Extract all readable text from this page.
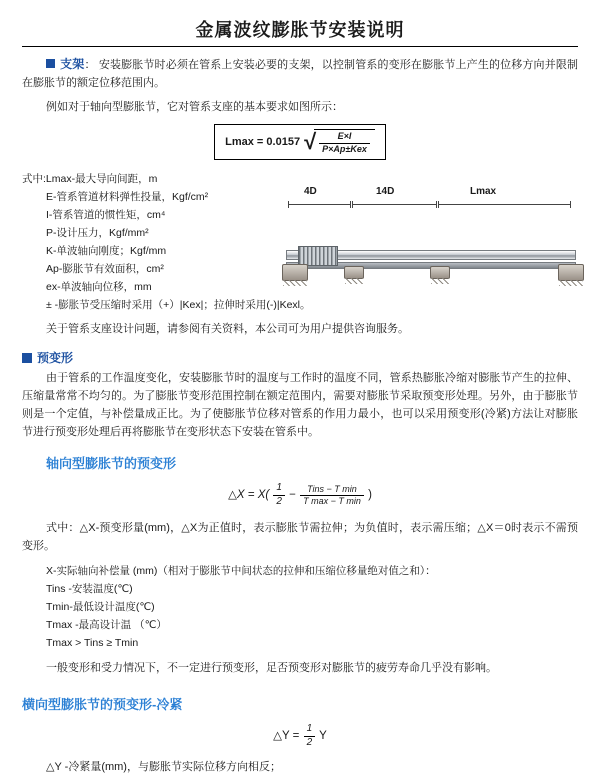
金属波纹膨胀节安装说明

支架： 安装膨胀节时必须在管系上安装必要的支架，以控制管系的变形在膨胀节上产生的位移方向并限制在膨胀节的额定位移范围内。

例如对于轴向型膨胀节，它对管系支座的基本要求如图所示：

Lmax = 0.0157 √ $\frac{E\times I}{\text{P×Ap±Kex}}$
式中:Lmax-最大导向间距，m
E-管系管道材料弹性投量，Kgf/cm²
I-管系管道的惯性矩，cm⁴
P-设计压力，Kgf/mm²
K-单波轴向刚度；Kgf/mm
Ap-膨胀节有效面积，cm²
ex-单波轴向位移，mm
± -膨胀节受压缩时采用（+）|Kex|；拉伸时采用(-)|Kexl。

关于管系支座设计问题，请参阅有关资料，本公司可为用户提供咨询服务。

4D	14D	Lmax
预变形

由于管系的工作温度变化，安装膨胀节时的温度与工作时的温度不同，管系热膨胀冷缩对膨胀节产生的拉伸、压缩量常常不均匀的。为了膨胀节变形范围控制在额定范围内，需要对膨胀节采取预变形处理。另外，由于膨胀节则是一个定值，与补偿量成正比。为了使膨胀节位移对管系的作用力最小，也可以采用预变形(冷紧)方法让对膨胀节进行预变形处理后再将膨胀节在变形状态下安装在管系中。

轴向型膨胀节的预变形
△X = $X( \frac{1}{2} - \frac{\text{Tins − T min}}{\text{T max − T min}}$ )

式中：△X-预变形量(mm)，△X为正值时，表示膨胀节需拉伸；为负值时，表示需压缩；△X＝0时表示不需预变形。

X-实际轴向补偿量 (mm)（相对于膨胀节中间状态的拉伸和压缩位移量绝对值之和）：
Tins -安装温度(℃)
Tmin-最低设计温度(℃)
Tmax -最高设计温 （℃）
Tmax > Tins ≥ Tmin

一般变形和受力情况下，不一定进行预变形，足否预变形对膨胀节的疲劳寿命几乎没有影响。

横向型膨胀节的预变形-冷紧
△Y = $\frac{1}{2}$ Y

△Y -冷紧量(mm)，与膨胀节实际位移方向相反；
